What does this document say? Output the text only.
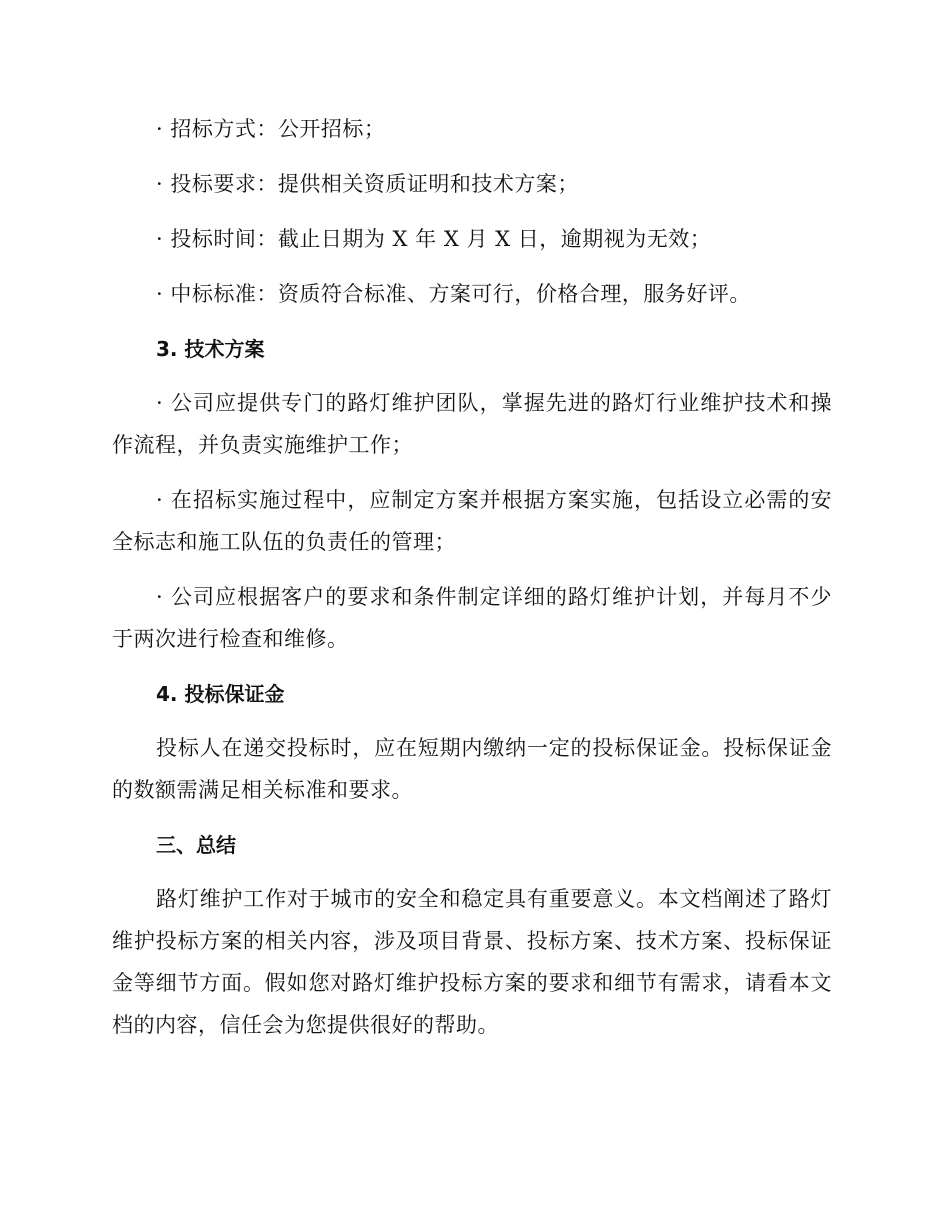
· 招标方式：公开招标；

· 投标要求：提供相关资质证明和技术方案；

· 投标时间：截止日期为 X 年 X 月 X 日，逾期视为无效；

· 中标标准：资质符合标准、方案可行，价格合理，服务好评。

3. 技术方案

· 公司应提供专门的路灯维护团队，掌握先进的路灯行业维护技术和操作流程，并负责实施维护工作；

· 在招标实施过程中，应制定方案并根据方案实施，包括设立必需的安全标志和施工队伍的负责任的管理；

· 公司应根据客户的要求和条件制定详细的路灯维护计划，并每月不少于两次进行检查和维修。

4. 投标保证金

投标人在递交投标时，应在短期内缴纳一定的投标保证金。投标保证金的数额需满足相关标准和要求。

三、总结

路灯维护工作对于城市的安全和稳定具有重要意义。本文档阐述了路灯维护投标方案的相关内容，涉及项目背景、投标方案、技术方案、投标保证金等细节方面。假如您对路灯维护投标方案的要求和细节有需求，请看本文档的内容，信任会为您提供很好的帮助。
